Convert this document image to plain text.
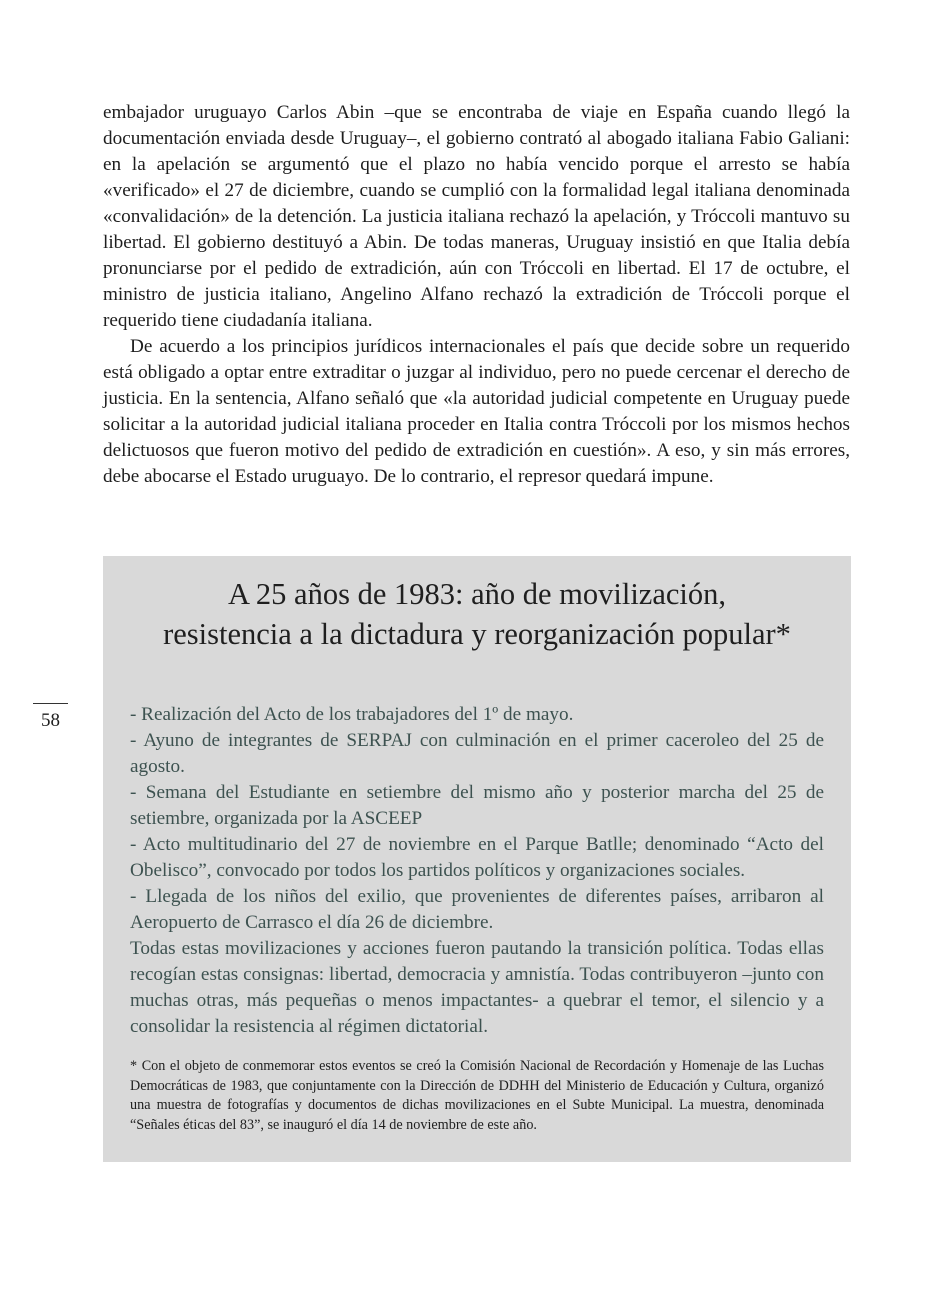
embajador uruguayo Carlos Abin –que se encontraba de viaje en España cuando llegó la documentación enviada desde Uruguay–, el gobierno contrató al abogado italiana Fabio Galiani: en la apelación se argumentó que el plazo no había vencido porque el arresto se había «verificado» el 27 de diciembre, cuando se cumplió con la formalidad legal italiana denominada «convalidación» de la detención. La justicia italiana rechazó la apelación, y Tróccoli mantuvo su libertad. El gobierno destituyó a Abin. De todas maneras, Uruguay insistió en que Italia debía pronunciarse por el pedido de extradición, aún con Tróccoli en libertad. El 17 de octubre, el ministro de justicia italiano, Angelino Alfano rechazó la extradición de Tróccoli porque el requerido tiene ciudadanía italiana.

De acuerdo a los principios jurídicos internacionales el país que decide sobre un requerido está obligado a optar entre extraditar o juzgar al individuo, pero no puede cercenar el derecho de justicia. En la sentencia, Alfano señaló que «la autoridad judicial competente en Uruguay puede solicitar a la autoridad judicial italiana proceder en Italia contra Tróccoli por los mismos hechos delictuosos que fueron motivo del pedido de extradición en cuestión». A eso, y sin más errores, debe abocarse el Estado uruguayo. De lo contrario, el represor quedará impune.

58
A 25 años de 1983: año de movilización,
resistencia a la dictadura y reorganización popular*

- Realización del Acto de los trabajadores del 1º de mayo.

- Ayuno de integrantes de SERPAJ con culminación en el primer caceroleo del 25 de agosto.

- Semana del Estudiante en setiembre del mismo año y posterior marcha del 25 de setiembre, organizada por la ASCEEP

- Acto multitudinario del 27 de noviembre en el Parque Batlle; denominado “Acto del Obelisco”, convocado por todos los partidos políticos y organizaciones sociales.

- Llegada de los niños del exilio, que provenientes de diferentes países, arribaron al Aeropuerto de Carrasco el día 26 de diciembre.

Todas estas movilizaciones y acciones fueron pautando la transición política. Todas ellas recogían estas consignas: libertad, democracia y amnistía. Todas contribuyeron –junto con muchas otras, más pequeñas o menos impactantes- a quebrar el temor, el silencio y a consolidar la resistencia al régimen dictatorial.

* Con el objeto de conmemorar estos eventos se creó la Comisión Nacional de Recordación y Homenaje de las Luchas Democráticas de 1983, que conjuntamente con la Dirección de DDHH del Ministerio de Educación y Cultura, organizó una muestra de fotografías y documentos de dichas movilizaciones en el Subte Municipal. La muestra, denominada “Señales éticas del 83”, se inauguró el día 14 de noviembre de este año.
